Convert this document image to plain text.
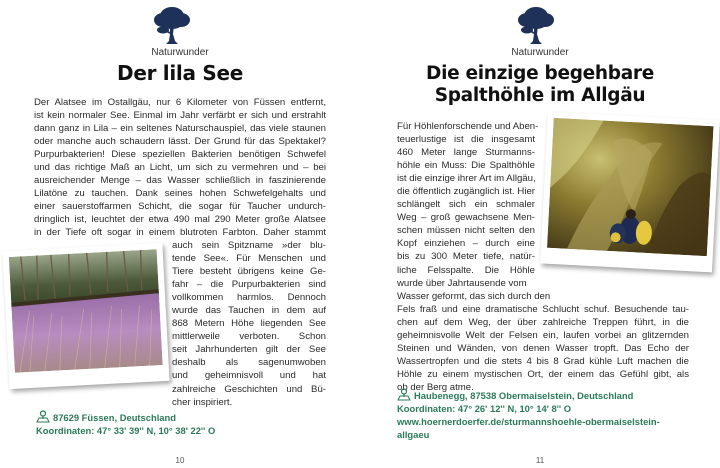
Naturwunder
Der lila See
Der Alatsee im Ostallgäu, nur 6 Kilometer von Füssen entfernt,
ist kein normaler See. Einmal im Jahr verfärbt er sich und erstrahlt
dann ganz in Lila – ein seltenes Naturschauspiel, das viele staunen
oder manche auch schaudern lässt. Der Grund für das Spektakel?
Purpurbakterien! Diese speziellen Bakterien benötigen Schwefel
und das richtige Maß an Licht, um sich zu vermehren und – bei
ausreichender Menge – das Wasser schließlich in faszinierende
Lilatöne zu tauchen. Dank seines hohen Schwefelgehalts und
einer sauerstoffarmen Schicht, die sogar für Taucher undurch-
dringlich ist, leuchtet der etwa 490 mal 290 Meter große Alatsee
in der Tiefe oft sogar in einem blutroten Farbton. Daher stammt
auch sein Spitzname »der blu-
tende See«. Für Menschen und
Tiere besteht übrigens keine Ge-
fahr – die Purpurbakterien sind
vollkommen harmlos. Dennoch
wurde das Tauchen in dem auf
868 Metern Höhe liegenden See
mittlerweile verboten. Schon
seit Jahrhunderten gilt der See
deshalb als sagenumwoben
und geheimnisvoll und hat
zahlreiche Geschichten und Bü-
cher inspiriert.
87629 Füssen, Deutschland
Koordinaten: 47° 33' 39'' N, 10° 38' 22'' O
10
Naturwunder
Die einzige begehbare
Spalthöhle im Allgäu
Für Höhlenforschende und Aben-
teuerlustige ist die insgesamt
460 Meter lange Sturmanns-
höhle ein Muss: Die Spalthöhle
ist die einzige ihrer Art im Allgäu,
die öffentlich zugänglich ist. Hier
schlängelt sich ein schmaler
Weg – groß gewachsene Men-
schen müssen nicht selten den
Kopf einziehen – durch eine
bis zu 300 Meter tiefe, natür-
liche Felsspalte. Die Höhle
wurde über Jahrtausende vom
Wasser geformt, das sich durch den
Fels fraß und eine dramatische Schlucht schuf. Besuchende tau-
chen auf dem Weg, der über zahlreiche Treppen führt, in die
geheimnisvolle Welt der Felsen ein, laufen vorbei an glitzernden
Steinen und Wänden, von denen Wasser tropft. Das Echo der
Wassertropfen und die stets 4 bis 8 Grad kühle Luft machen die
Höhle zu einem mystischen Ort, der einem das Gefühl gibt, als
ob der Berg atme.
Haubenegg, 87538 Obermaiselstein, Deutschland
Koordinaten: 47° 26' 12'' N, 10° 14' 8'' O
www.hoernerdoerfer.de/sturmannshoehle-obermaiselstein-
allgaeu
11
